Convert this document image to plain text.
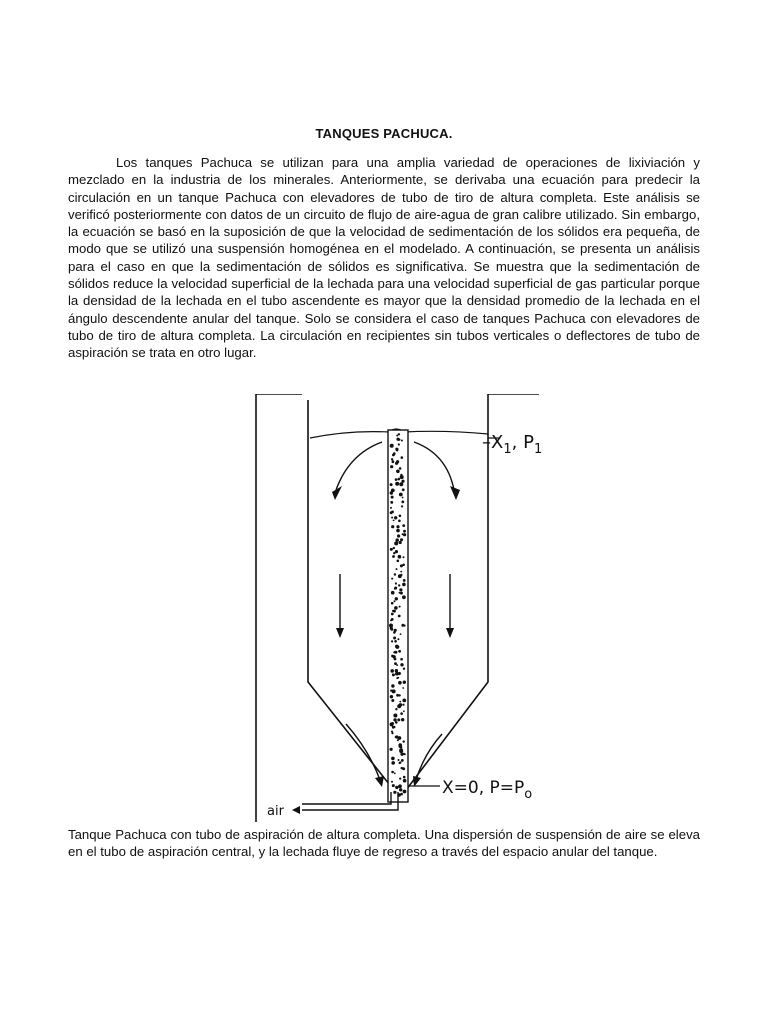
TANQUES PACHUCA.

Los tanques Pachuca se utilizan para una amplia variedad de operaciones de lixiviación y mezclado en la industria de los minerales. Anteriormente, se derivaba una ecuación para predecir la circulación en un tanque Pachuca con elevadores de tubo de tiro de altura completa. Este análisis se verificó posteriormente con datos de un circuito de flujo de aire-agua de gran calibre utilizado. Sin embargo, la ecuación se basó en la suposición de que la velocidad de sedimentación de los sólidos era pequeña, de modo que se utilizó una suspensión homogénea en el modelado. A continuación, se presenta un análisis para el caso en que la sedimentación de sólidos es significativa. Se muestra que la sedimentación de sólidos reduce la velocidad superficial de la lechada para una velocidad superficial de gas particular porque la densidad de la lechada en el tubo ascendente es mayor que la densidad promedio de la lechada en el ángulo descendente anular del tanque. Solo se considera el caso de tanques Pachuca con elevadores de tubo de tiro de altura completa. La circulación en recipientes sin tubos verticales o deflectores de tubo de aspiración se trata en otro lugar.

$-X_1$, $P_1$
X=0, $P=P_o$
air

Tanque Pachuca con tubo de aspiración de altura completa. Una dispersión de suspensión de aire se eleva en el tubo de aspiración central, y la lechada fluye de regreso a través del espacio anular del tanque.
